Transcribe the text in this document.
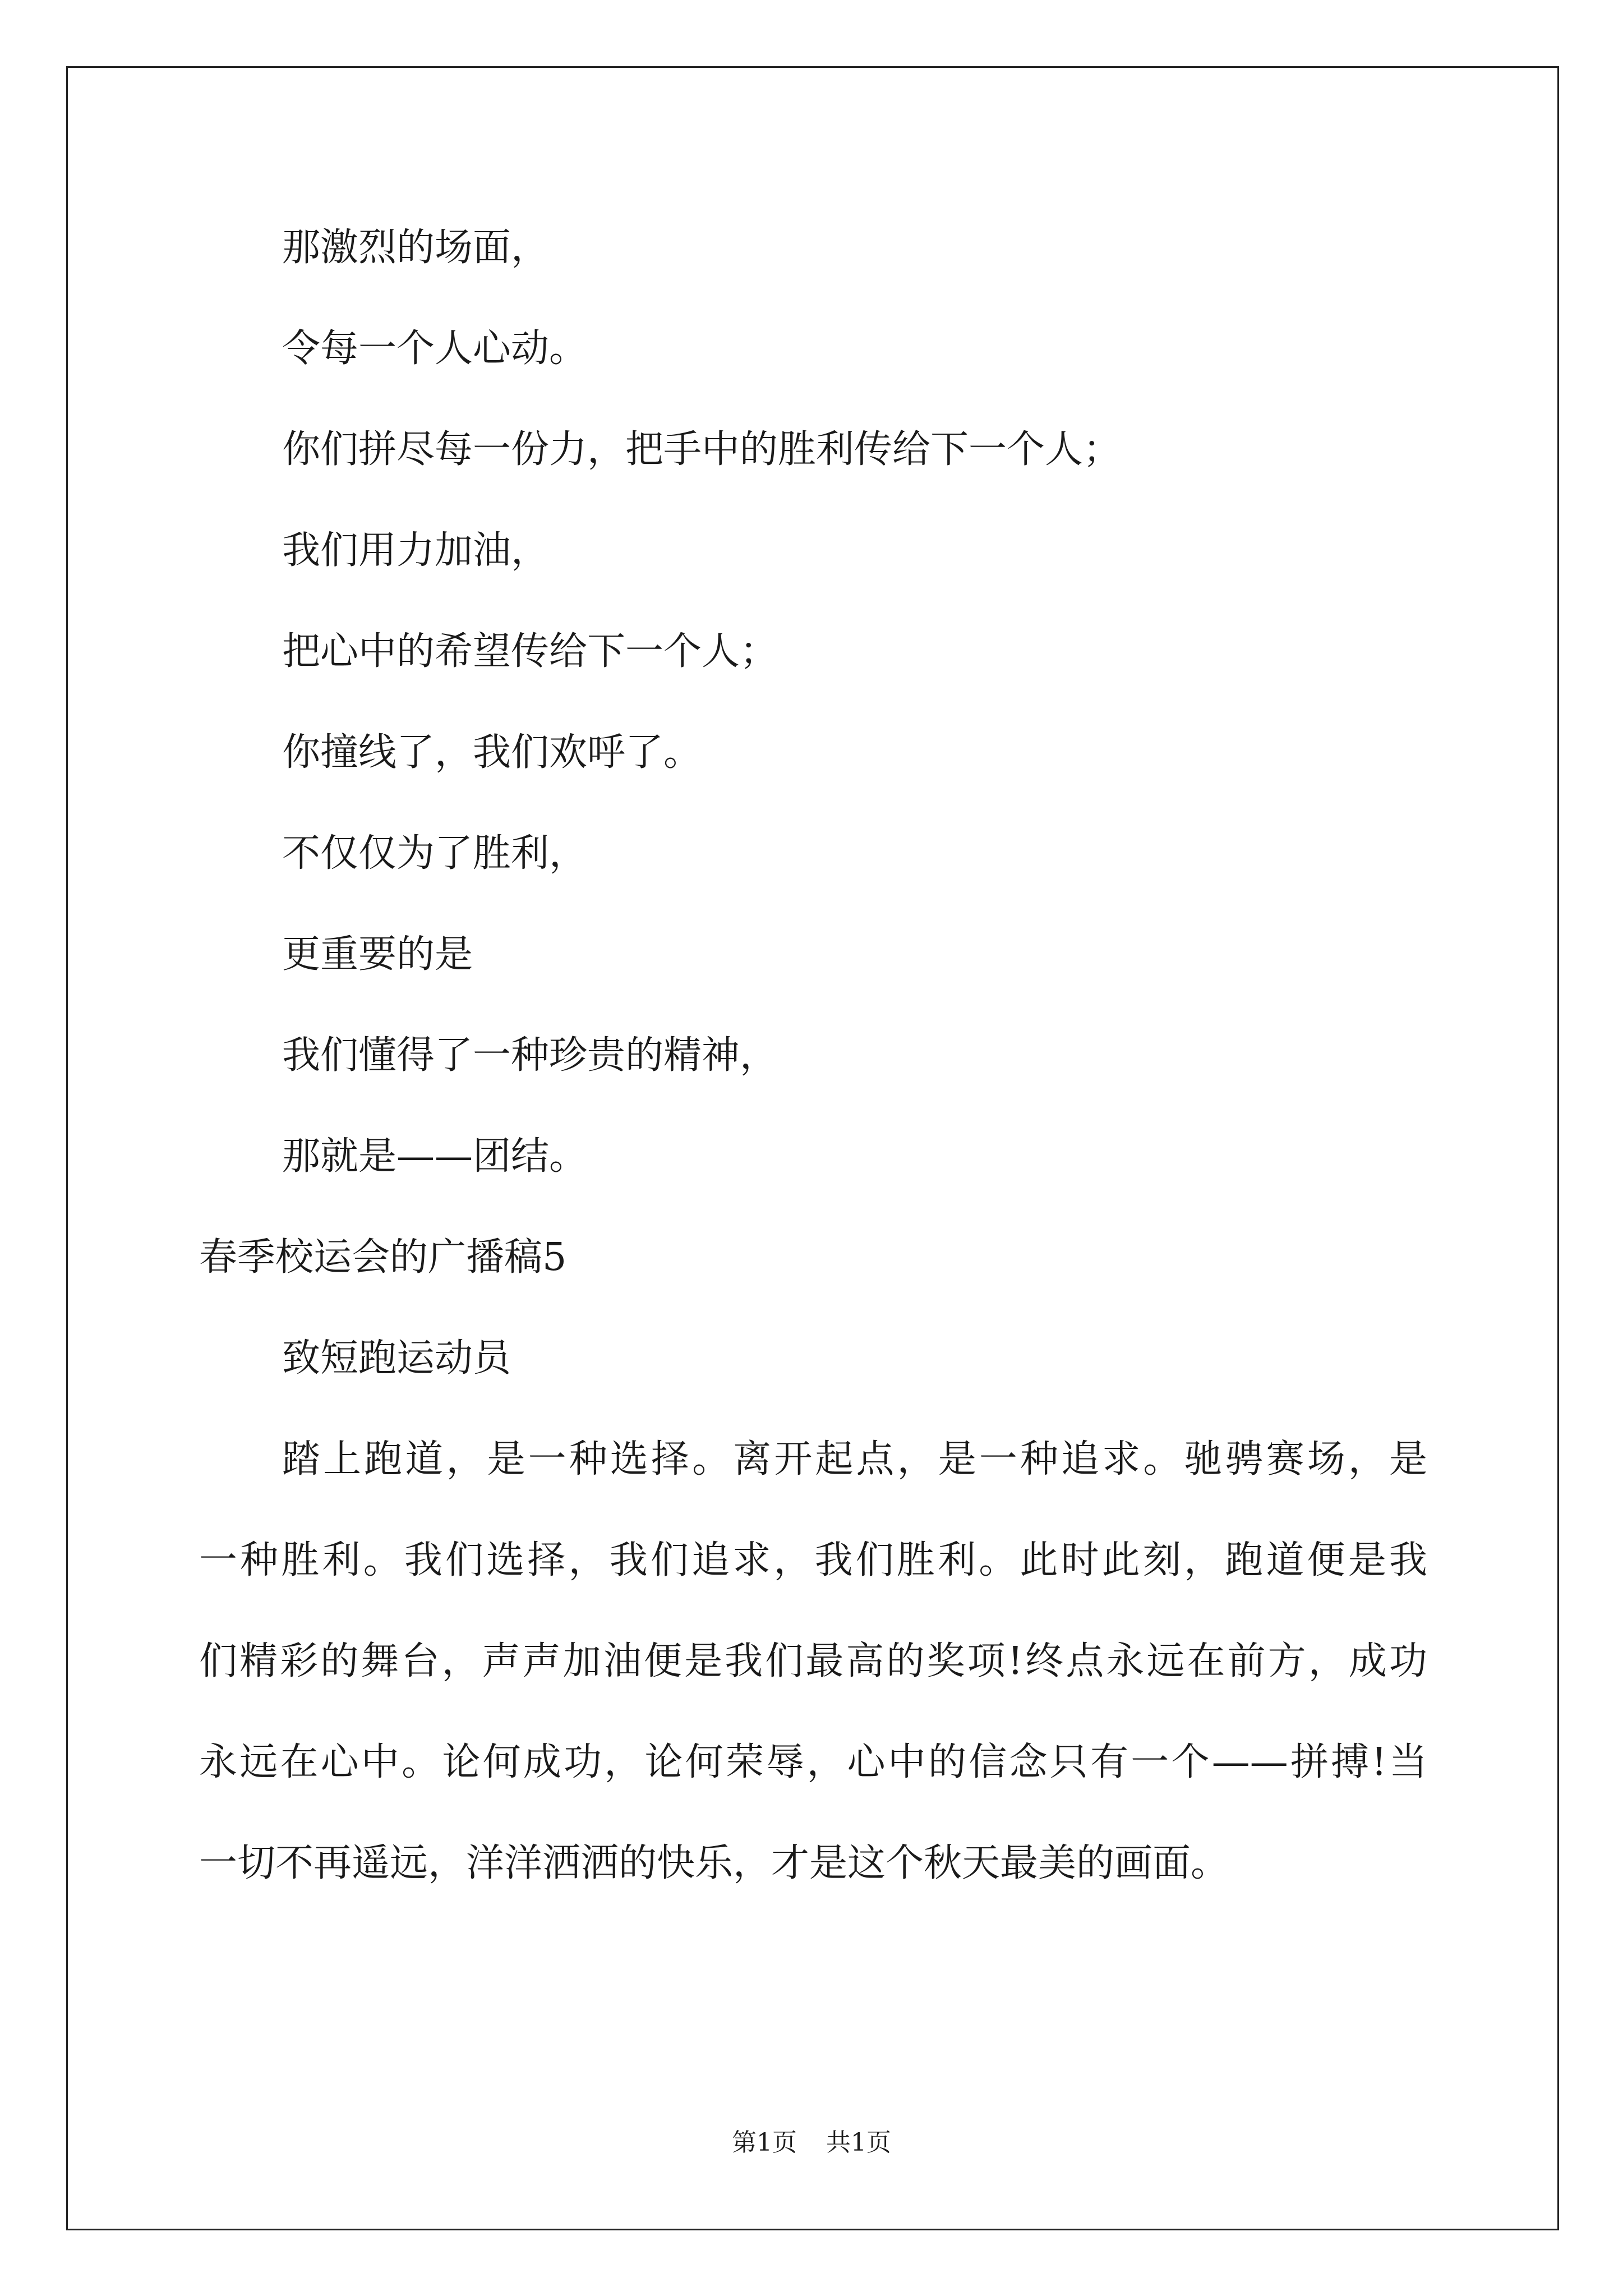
那激烈的场面，
令每一个人心动。
你们拼尽每一份力，把手中的胜利传给下一个人；
我们用力加油，
把心中的希望传给下一个人；
你撞线了，我们欢呼了。
不仅仅为了胜利，
更重要的是
我们懂得了一种珍贵的精神，
那就是——团结。
春季校运会的广播稿5
致短跑运动员
踏上跑道，是一种选择。离开起点，是一种追求。驰骋赛场，是
一种胜利。我们选择，我们追求，我们胜利。此时此刻，跑道便是我
们精彩的舞台，声声加油便是我们最高的奖项!终点永远在前方，成功
永远在心中。论何成功，论何荣辱，心中的信念只有一个——拼搏!当
一切不再遥远，洋洋洒洒的快乐，才是这个秋天最美的画面。
第1页 共1页
